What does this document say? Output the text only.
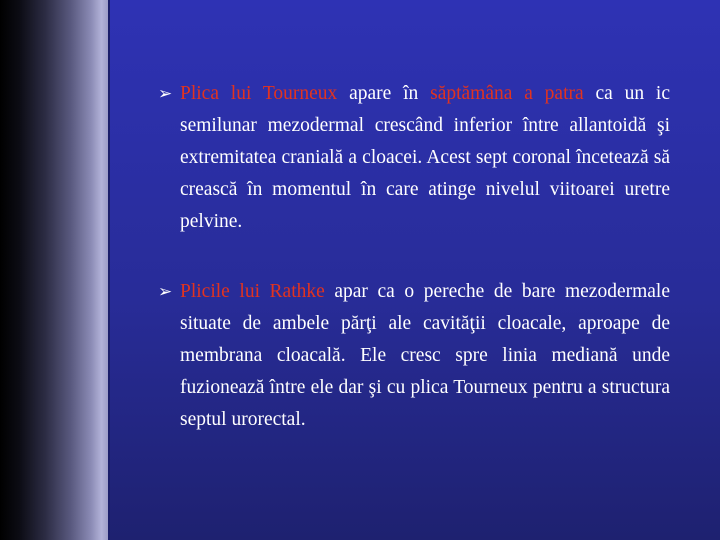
➢ Plica lui Tourneux apare în săptămâna a patra ca un ic semilunar mezodermal crescând inferior între allantoidă şi extremitatea cranială a cloacei. Acest sept coronal încetează să crească în momentul în care atinge nivelul viitoarei uretre pelvine.

➢ Plicile lui Rathke apar ca o pereche de bare mezodermale situate de ambele părţi ale cavităţii cloacale, aproape de membrana cloacală. Ele cresc spre linia mediană unde fuzionează între ele dar şi cu plica Tourneux pentru a structura septul urorectal.
